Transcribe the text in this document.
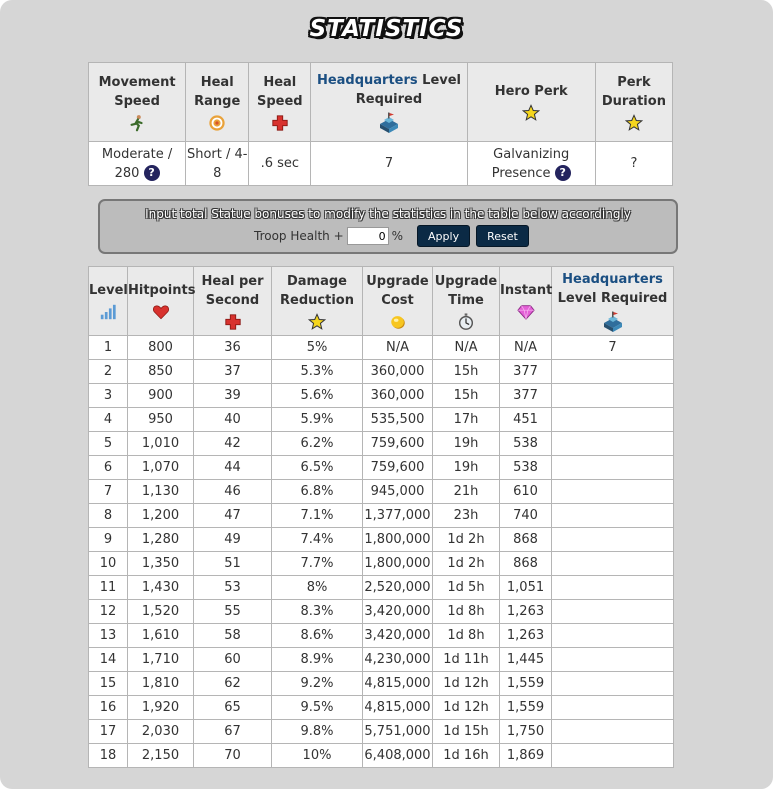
STATISTICS
Movement Speed	Heal Range	Heal Speed	Headquarters Level Required	Hero Perk	Perk Duration

Moderate / 280 ?	Short / 4-8	.6 sec	7	Galvanizing Presence ?	?
Input total Statue bonuses to modify the statistics in the table below accordingly
Troop Health +
0	%	Apply	Reset
Level	Hitpoints	Heal per Second	Damage Reduction	Upgrade Cost	Upgrade Time	Instant	Headquarters
Level Required

1	800	36	5%	N/A	N/A	N/A	7
2	850	37	5.3%	360,000	15h	377	
3	900	39	5.6%	360,000	15h	377	
4	950	40	5.9%	535,500	17h	451	
5	1,010	42	6.2%	759,600	19h	538	
6	1,070	44	6.5%	759,600	19h	538	
7	1,130	46	6.8%	945,000	21h	610	
8	1,200	47	7.1%	1,377,000	23h	740	
9	1,280	49	7.4%	1,800,000	1d 2h	868	
10	1,350	51	7.7%	1,800,000	1d 2h	868	
11	1,430	53	8%	2,520,000	1d 5h	1,051	
12	1,520	55	8.3%	3,420,000	1d 8h	1,263	
13	1,610	58	8.6%	3,420,000	1d 8h	1,263	
14	1,710	60	8.9%	4,230,000	1d 11h	1,445	
15	1,810	62	9.2%	4,815,000	1d 12h	1,559	
16	1,920	65	9.5%	4,815,000	1d 12h	1,559	
17	2,030	67	9.8%	5,751,000	1d 15h	1,750	
18	2,150	70	10%	6,408,000	1d 16h	1,869	
